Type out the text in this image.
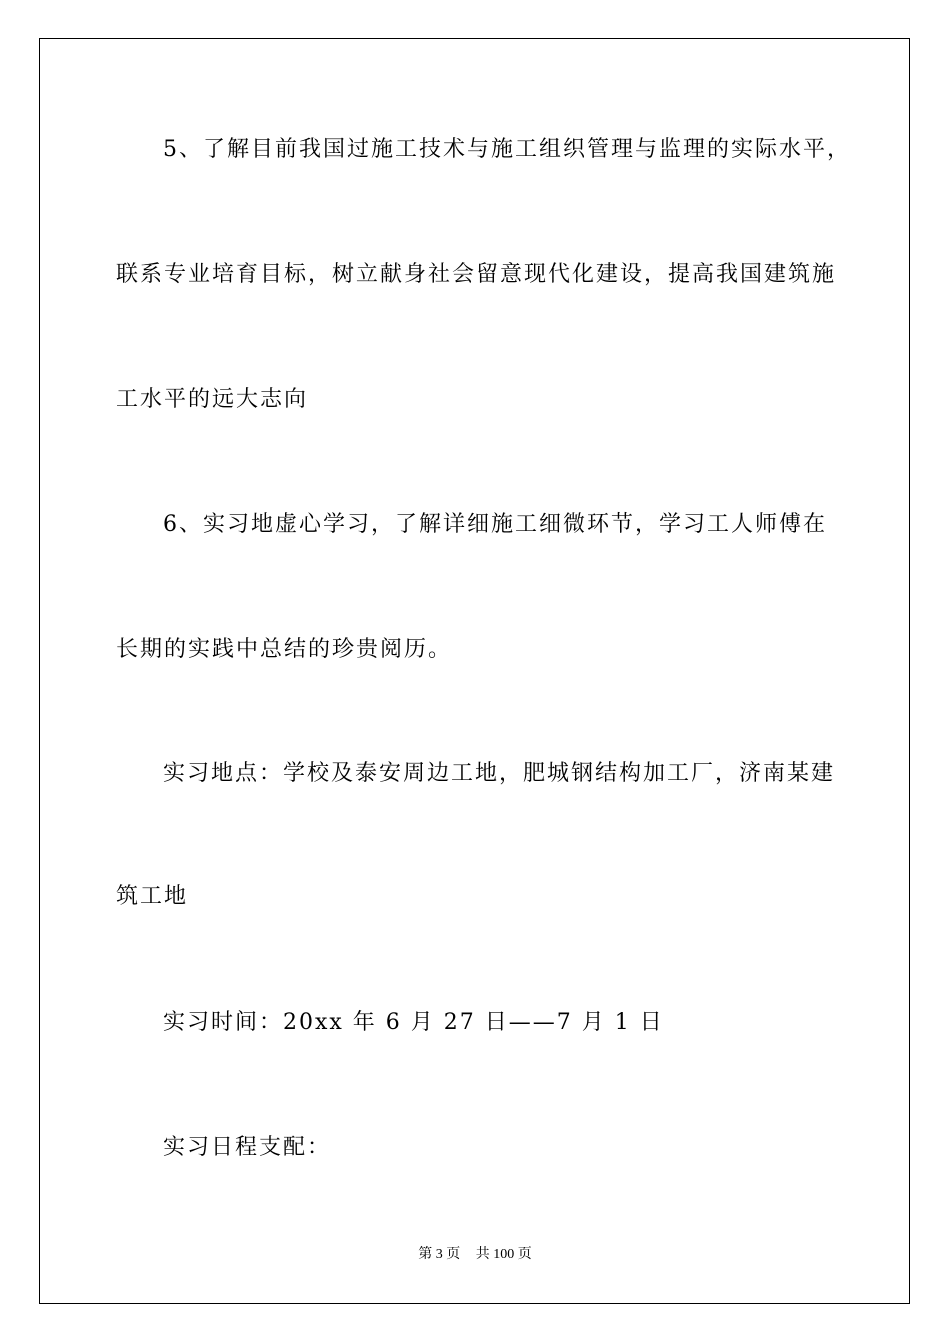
5、了解目前我国过施工技术与施工组织管理与监理的实际水平，
联系专业培育目标，树立献身社会留意现代化建设，提高我国建筑施
工水平的远大志向
6、实习地虚心学习，了解详细施工细微环节，学习工人师傅在
长期的实践中总结的珍贵阅历。
实习地点：学校及泰安周边工地，肥城钢结构加工厂，济南某建
筑工地
实习时间：20xx 年 6 月 27 日——7 月 1 日
实习日程支配：
第 3 页 共 100 页
